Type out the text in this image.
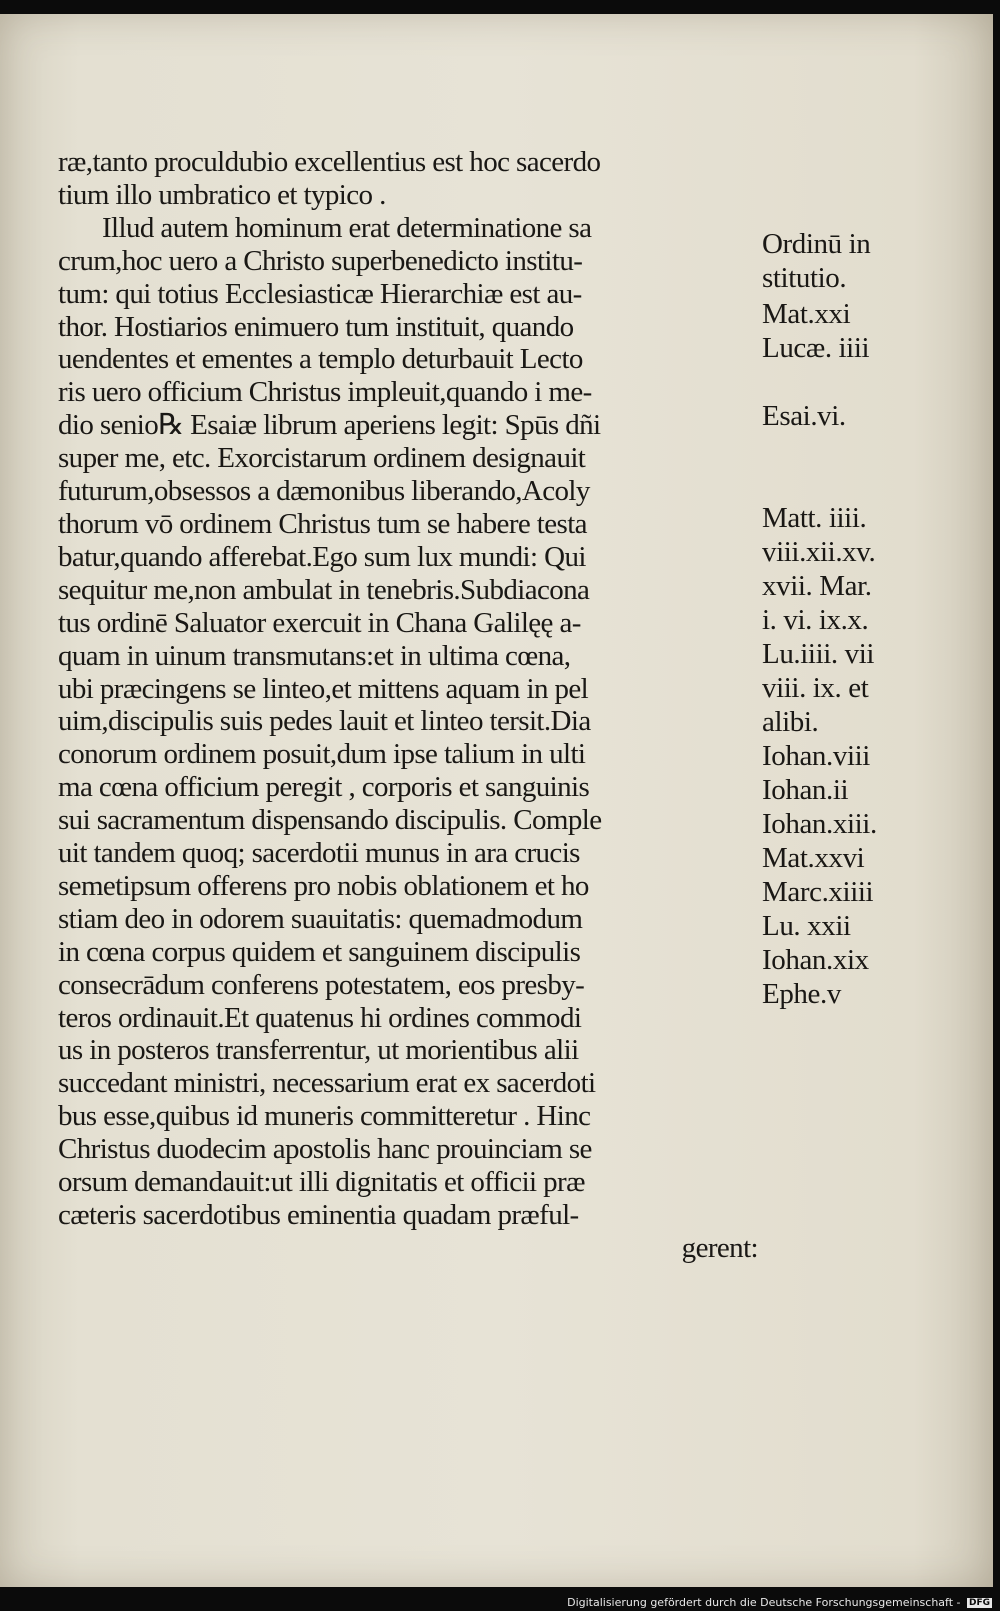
ræ,tanto proculdubio excellentius est hoc sacerdo
tium illo umbratico et typico .
Illud autem hominum erat determinatione sa
crum,hoc uero a Christo superbenedicto institu-
tum: qui totius Ecclesiasticæ Hierarchiæ est au-
thor. Hostiarios enimuero tum instituit, quando
uendentes et ementes a templo deturbauit Lecto
ris uero officium Christus impleuit,quando i me-
dio senio℞ Esaiæ librum aperiens legit: Spūs dñi
super me, etc. Exorcistarum ordinem designauit
futurum,obsessos a dæmonibus liberando,Acoly
thorum vō ordinem Christus tum se habere testa
batur,quando afferebat.Ego sum lux mundi: Qui
sequitur me,non ambulat in tenebris.Subdiacona
tus ordinē Saluator exercuit in Chana Galilęę a-
quam in uinum transmutans:et in ultima cœna,
ubi præcingens se linteo,et mittens aquam in pel
uim,discipulis suis pedes lauit et linteo tersit.Dia
conorum ordinem posuit,dum ipse talium in ulti
ma cœna officium peregit , corporis et sanguinis
sui sacramentum dispensando discipulis. Comple
uit tandem quoq; sacerdotii munus in ara crucis
semetipsum offerens pro nobis oblationem et ho
stiam deo in odorem suauitatis: quemadmodum
in cœna corpus quidem et sanguinem discipulis
consecrādum conferens potestatem, eos presby-
teros ordinauit.Et quatenus hi ordines commodi
us in posteros transferrentur, ut morientibus alii
succedant ministri, necessarium erat ex sacerdoti
bus esse,quibus id muneris committeretur . Hinc
Christus duodecim apostolis hanc prouinciam se
orsum demandauit:ut illi dignitatis et officii præ
cæteris sacerdotibus eminentia quadam præful-
gerent:
Ordinū in
stitutio.
Mat.xxi
Lucæ. iiii
Esai.vi.
Matt. iiii.
viii.xii.xv.
xvii. Mar.
i. vi. ix.x.
Lu.iiii. vii
viii. ix. et
alibi.
Iohan.viii
Iohan.ii
Iohan.xiii.
Mat.xxvi
Marc.xiiii
Lu. xxii
Iohan.xix
Ephe.v
Digitalisierung gefördert durch die Deutsche Forschungsgemeinschaft - DFG
